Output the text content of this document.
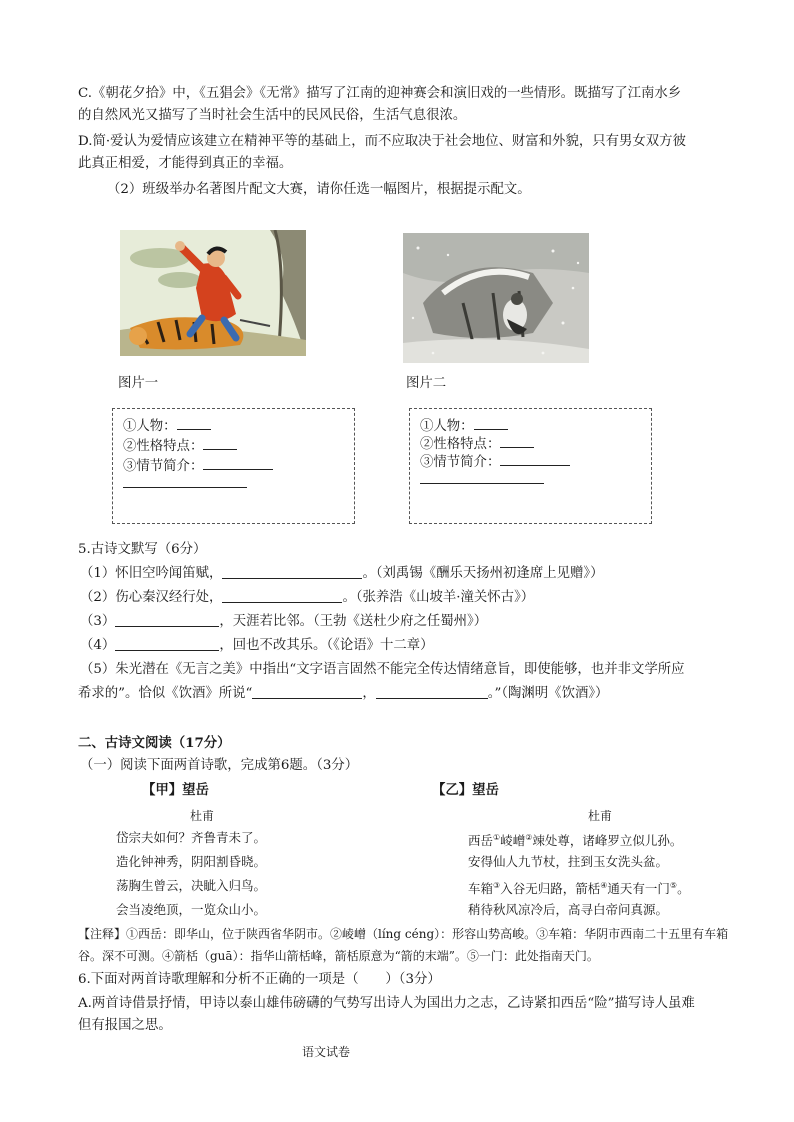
C.《朝花夕拾》中，《五猖会》《无常》描写了江南的迎神赛会和演旧戏的一些情形。既描写了江南水乡
的自然风光又描写了当时社会生活中的民风民俗，生活气息很浓。
D.简·爱认为爱情应该建立在精神平等的基础上，而不应取决于社会地位、财富和外貌，只有男女双方彼
此真正相爱，才能得到真正的幸福。
（2）班级举办名著图片配文大赛，请你任选一幅图片，根据提示配文。
图片一	图片二
①人物：
②性格特点：
③情节简介：
①人物：
②性格特点：
③情节简介：
5.古诗文默写（6分）
（1）怀旧空吟闻笛赋，	。（刘禹锡《酬乐天扬州初逢席上见赠》）
（2）伤心秦汉经行处，	。（张养浩《山坡羊·潼关怀古》）
（3）	，天涯若比邻。（王勃《送杜少府之任蜀州》）
（4）	，回也不改其乐。（《论语》十二章）
（5）朱光潜在《无言之美》中指出“文字语言固然不能完全传达情绪意旨，即使能够，也并非文学所应
希求的”。恰似《饮酒》所说“	，	。”（陶渊明《饮酒》）
二、古诗文阅读（17分）
（一）阅读下面两首诗歌，完成第6题。（3分）
【甲】望岳
杜甫
岱宗夫如何？齐鲁青未了。
造化钟神秀，阴阳割昏晓。
荡胸生曾云，决眦入归鸟。
会当凌绝顶，一览众山小。
【乙】望岳
杜甫
西岳①崚嶒②竦处尊，诸峰罗立似儿孙。
安得仙人九节杖，拄到玉女洗头盆。
车箱③入谷无归路，箭栝④通天有一门⑤。
稍待秋风凉冷后，高寻白帝问真源。
【注释】①西岳：即华山，位于陕西省华阴市。②崚嶒（líng céng）：形容山势高峻。③车箱：华阴市西南二十五里有车箱
谷。深不可测。④箭栝（guā）：指华山箭栝峰，箭栝原意为“箭的末端”。⑤一门：此处指南天门。
6.下面对两首诗歌理解和分析不正确的一项是（　　）（3分）
A.两首诗借景抒情，甲诗以泰山雄伟磅礴的气势写出诗人为国出力之志，乙诗紧扣西岳“险”描写诗人虽难
但有报国之思。
语文试卷
